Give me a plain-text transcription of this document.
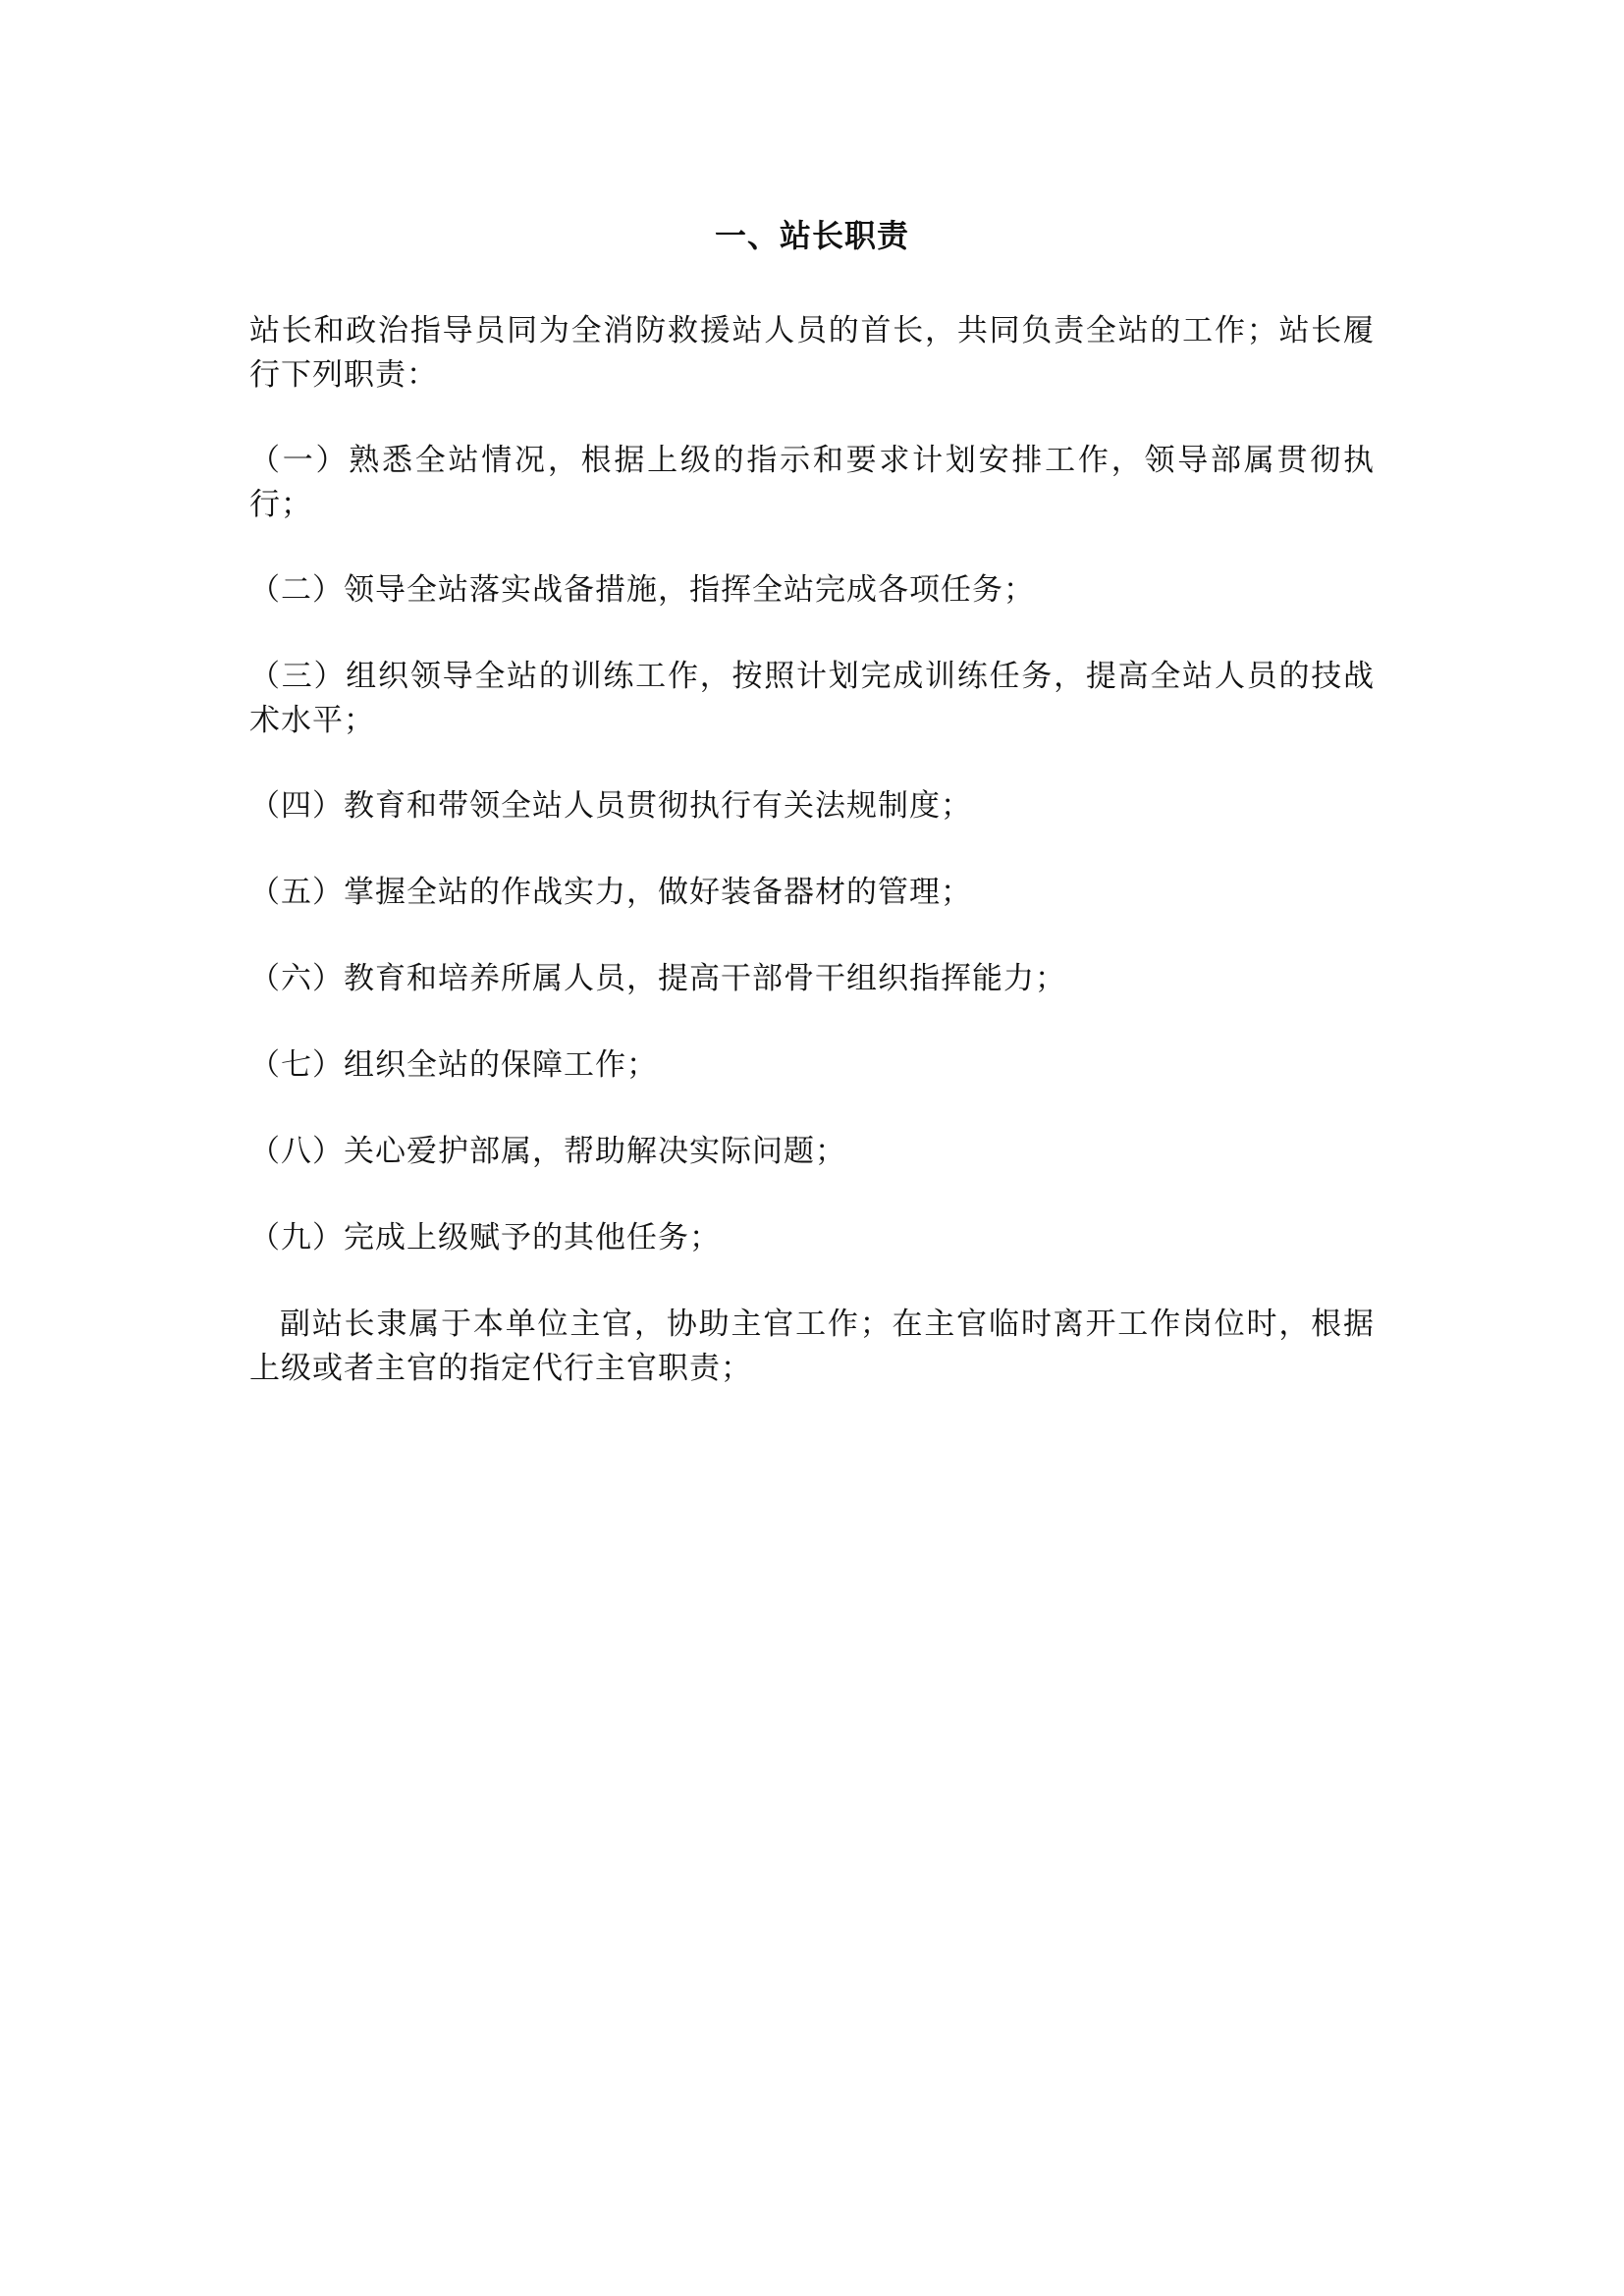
一、站长职责

站长和政治指导员同为全消防救援站人员的首长，共同负责全站的工作；站长履行下列职责：

（一）熟悉全站情况，根据上级的指示和要求计划安排工作，领导部属贯彻执行；

（二）领导全站落实战备措施，指挥全站完成各项任务；

（三）组织领导全站的训练工作，按照计划完成训练任务，提高全站人员的技战术水平；

（四）教育和带领全站人员贯彻执行有关法规制度；

（五）掌握全站的作战实力，做好装备器材的管理；

（六）教育和培养所属人员，提高干部骨干组织指挥能力；

（七）组织全站的保障工作；

（八）关心爱护部属，帮助解决实际问题；

（九）完成上级赋予的其他任务；

副站长隶属于本单位主官，协助主官工作；在主官临时离开工作岗位时，根据上级或者主官的指定代行主官职责；
